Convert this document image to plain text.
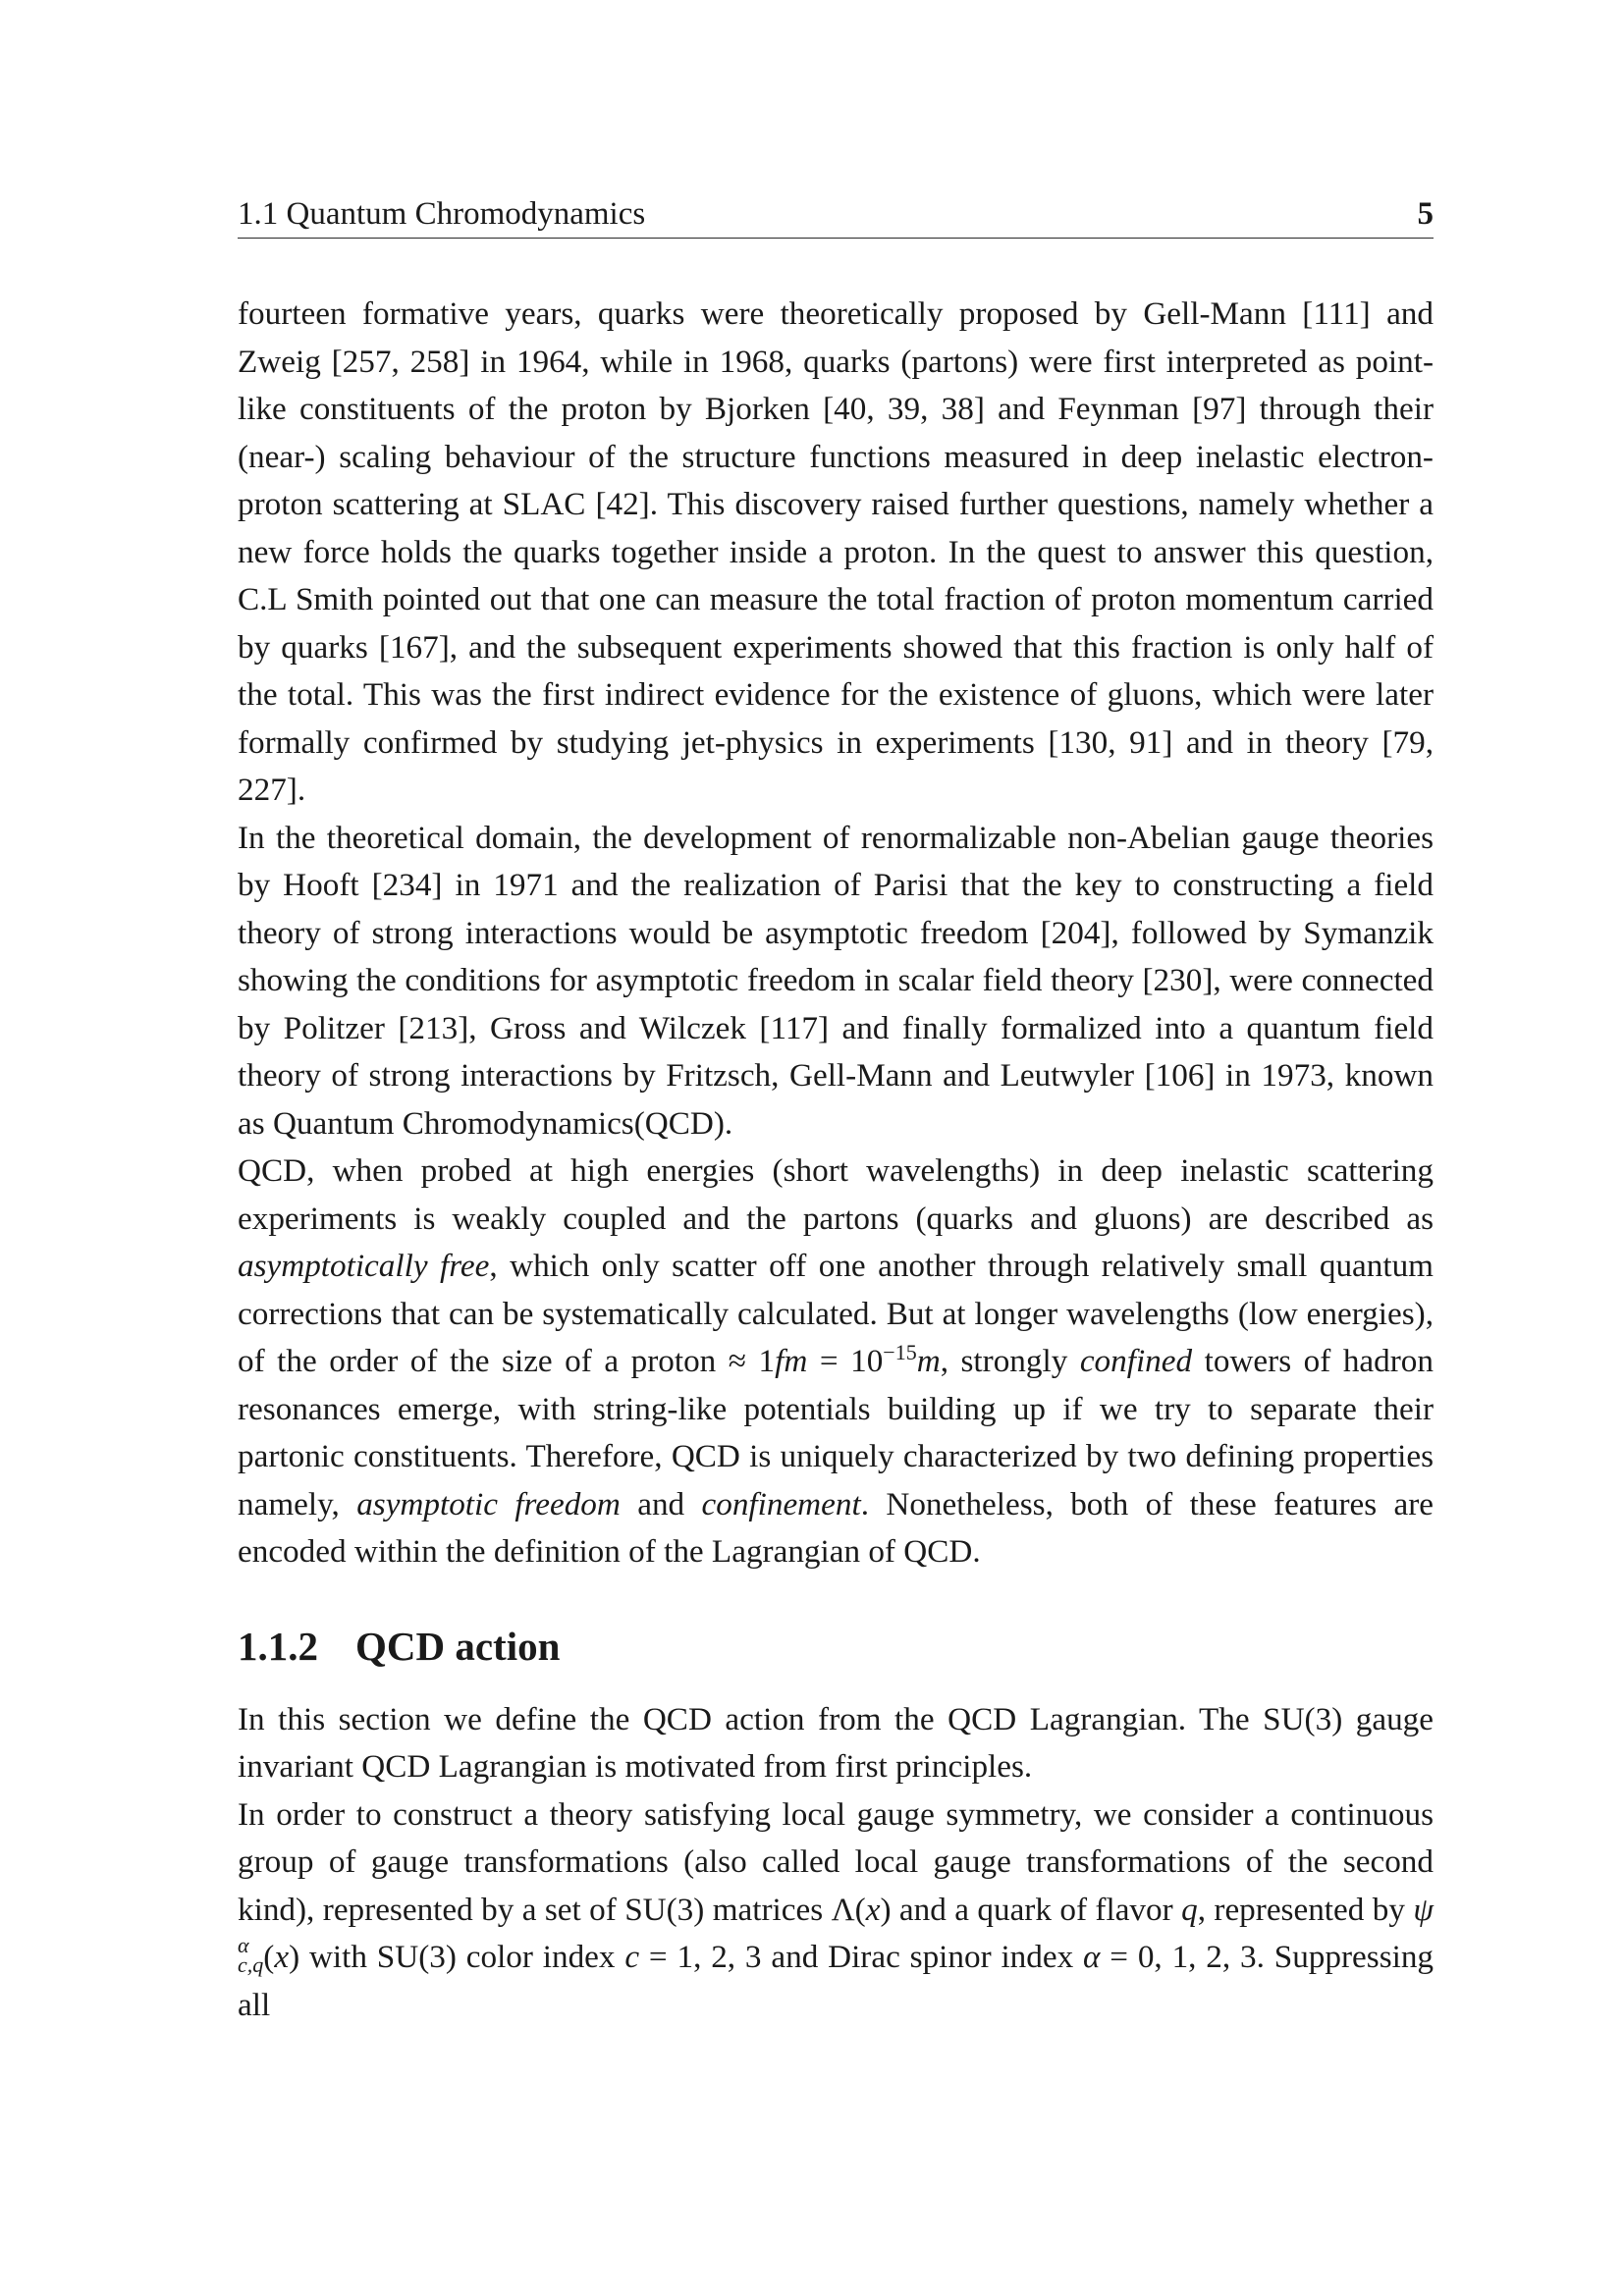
1.1 Quantum Chromodynamics	5

fourteen formative years, quarks were theoretically proposed by Gell-Mann [111] and Zweig [257, 258] in 1964, while in 1968, quarks (partons) were first interpreted as point-like constituents of the proton by Bjorken [40, 39, 38] and Feynman [97] through their (near-) scaling behaviour of the structure functions measured in deep inelastic electron-proton scattering at SLAC [42]. This discovery raised further questions, namely whether a new force holds the quarks together inside a proton. In the quest to answer this question, C.L Smith pointed out that one can measure the total fraction of proton momentum carried by quarks [167], and the subsequent experiments showed that this fraction is only half of the total. This was the first indirect evidence for the existence of gluons, which were later formally confirmed by studying jet-physics in experiments [130, 91] and in theory [79, 227].

In the theoretical domain, the development of renormalizable non-Abelian gauge theories by Hooft [234] in 1971 and the realization of Parisi that the key to constructing a field theory of strong interactions would be asymptotic freedom [204], followed by Symanzik showing the conditions for asymptotic freedom in scalar field theory [230], were connected by Politzer [213], Gross and Wilczek [117] and finally formalized into a quantum field theory of strong interactions by Fritzsch, Gell-Mann and Leutwyler [106] in 1973, known as Quantum Chromodynamics(QCD).

QCD, when probed at high energies (short wavelengths) in deep inelastic scattering experiments is weakly coupled and the partons (quarks and gluons) are described as asymptotically free, which only scatter off one another through relatively small quantum corrections that can be systematically calculated. But at longer wavelengths (low energies), of the order of the size of a proton ≈ $1fm = 10^{-15}m$, strongly confined towers of hadron resonances emerge, with string-like potentials building up if we try to separate their partonic constituents. Therefore, QCD is uniquely characterized by two defining properties namely, asymptotic freedom and confinement. Nonetheless, both of these features are encoded within the definition of the Lagrangian of QCD.

1.1.2 QCD action

In this section we define the QCD action from the QCD Lagrangian. The SU(3) gauge invariant QCD Lagrangian is motivated from first principles.

In order to construct a theory satisfying local gauge symmetry, we consider a continuous group of gauge transformations (also called local gauge transformations of the second kind), represented by a set of SU(3) matrices Λ(x) and a quark of flavor q, represented by ψ
α
c,q (x) with SU(3) color index c = 1, 2, 3 and Dirac spinor index α = 0, 1, 2, 3. Suppressing all
